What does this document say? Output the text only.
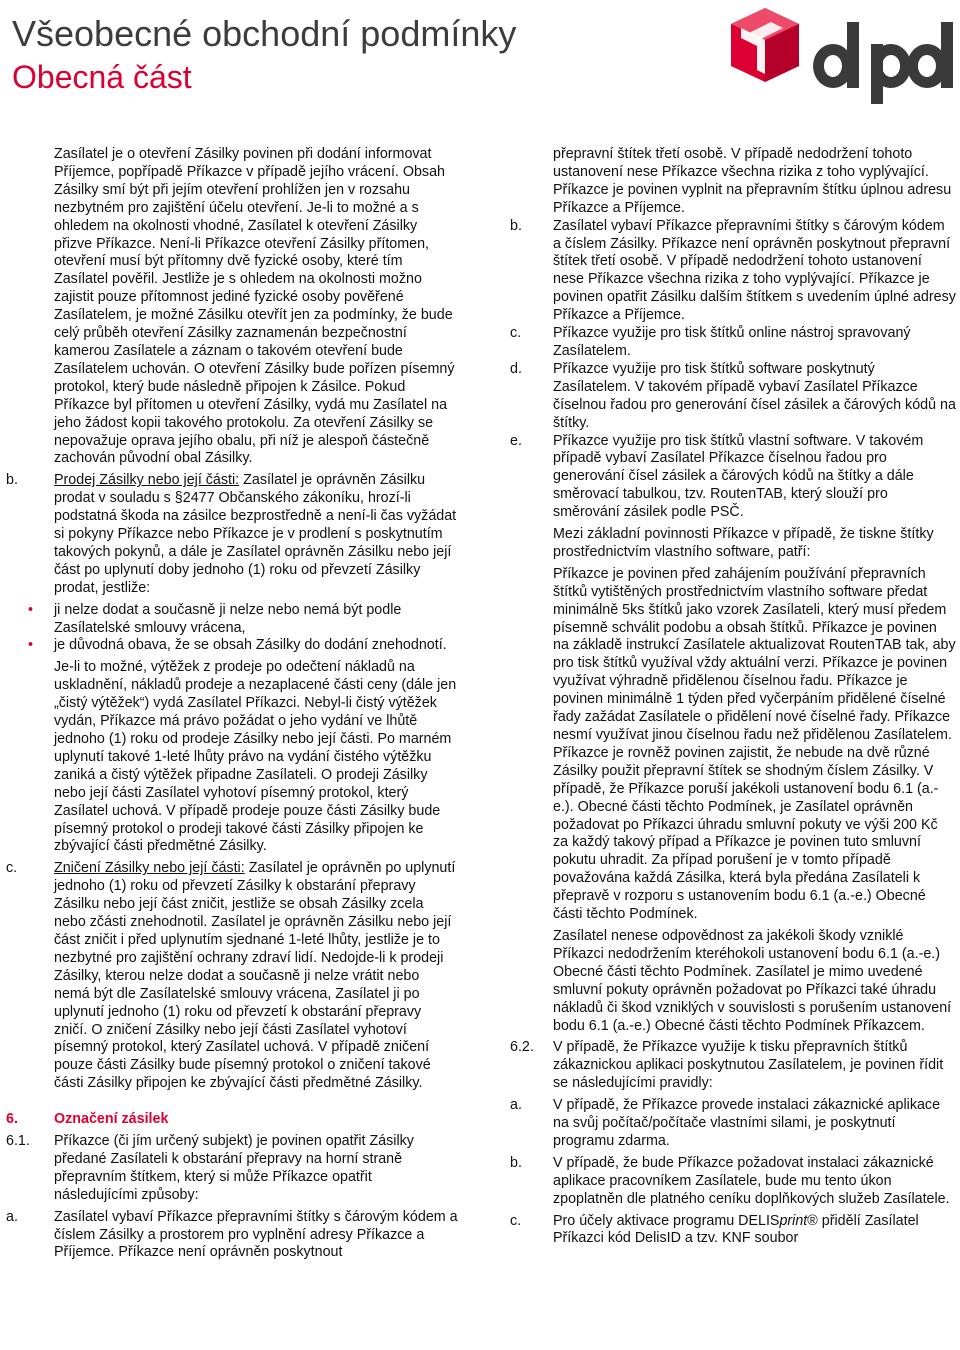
Všeobecné obchodní podmínky
Obecná část

Zasílatel je o otevření Zásilky povinen při dodání informovat Příjemce, popřípadě Příkazce v případě jejího vrácení. Obsah Zásilky smí být při jejím otevření prohlížen jen v rozsahu nezbytném pro zajištění účelu otevření. Je-li to možné a s ohledem na okolnosti vhodné, Zasílatel k otevření Zásilky přizve Příkazce. Není-li Příkazce otevření Zásilky přítomen, otevření musí být přítomny dvě fyzické osoby, které tím Zasílatel pověřil. Jestliže je s ohledem na okolnosti možno zajistit pouze přítomnost jediné fyzické osoby pověřené Zasílatelem, je možné Zásilku otevřít jen za podmínky, že bude celý průběh otevření Zásilky zaznamenán bezpečnostní kamerou Zasílatele a záznam o takovém otevření bude Zasílatelem uchován. O otevření Zásilky bude pořízen písemný protokol, který bude následně připojen k Zásilce. Pokud Příkazce byl přítomen u otevření Zásilky, vydá mu Zasílatel na jeho žádost kopii takového protokolu. Za otevření Zásilky se nepovažuje oprava jejího obalu, při níž je alespoň částečně zachován původní obal Zásilky.

b.	Prodej Zásilky nebo její části: Zasílatel je oprávněn Zásilku prodat v souladu s §2477 Občanského zákoníku, hrozí-li podstatná škoda na zásilce bezprostředně a není-li čas vyžádat si pokyny Příkazce nebo Příkazce je v prodlení s poskytnutím takových pokynů, a dále je Zasílatel oprávněn Zásilku nebo její část po uplynutí doby jednoho (1) roku od převzetí Zásilky prodat, jestliže:
•	ji nelze dodat a současně ji nelze nebo nemá být podle Zasílatelské smlouvy vrácena,
•	je důvodná obava, že se obsah Zásilky do dodání znehodnotí.

Je-li to možné, výtěžek z prodeje po odečtení nákladů na uskladnění, nákladů prodeje a nezaplacené části ceny (dále jen „čistý výtěžek“) vydá Zasílatel Příkazci. Nebyl-li čistý výtěžek vydán, Příkazce má právo požádat o jeho vydání ve lhůtě jednoho (1) roku od prodeje Zásilky nebo její části. Po marném uplynutí takové 1-leté lhůty právo na vydání čistého výtěžku zaniká a čistý výtěžek připadne Zasílateli. O prodeji Zásilky nebo její části Zasílatel vyhotoví písemný protokol, který Zasílatel uchová. V případě prodeje pouze části Zásilky bude písemný protokol o prodeji takové části Zásilky připojen ke zbývající části předmětné Zásilky.

c.	Zničení Zásilky nebo její části: Zasílatel je oprávněn po uplynutí jednoho (1) roku od převzetí Zásilky k obstarání přepravy Zásilku nebo její část zničit, jestliže se obsah Zásilky zcela nebo zčásti znehodnotil. Zasílatel je oprávněn Zásilku nebo její část zničit i před uplynutím sjednané 1-leté lhůty, jestliže je to nezbytné pro zajištění ochrany zdraví lidí. Nedojde-li k prodeji Zásilky, kterou nelze dodat a současně ji nelze vrátit nebo nemá být dle Zasílatelské smlouvy vrácena, Zasílatel ji po uplynutí jednoho (1) roku od převzetí k obstarání přepravy zničí. O zničení Zásilky nebo její části Zasílatel vyhotoví písemný protokol, který Zasílatel uchová. V případě zničení pouze části Zásilky bude písemný protokol o zničení takové části Zásilky připojen ke zbývající části předmětné Zásilky.
6.	Označení zásilek
6.1.	Příkazce (či jím určený subjekt) je povinen opatřit Zásilky předané Zasílateli k obstarání přepravy na horní straně přepravním štítkem, který si může Příkazce opatřit následujícími způsoby:
a.	Zasílatel vybaví Příkazce přepravními štítky s čárovým kódem a číslem Zásilky a prostorem pro vyplnění adresy Příkazce a Příjemce. Příkazce není oprávněn poskytnout

přepravní štítek třetí osobě. V případě nedodržení tohoto ustanovení nese Příkazce všechna rizika z toho vyplývající. Příkazce je povinen vyplnit na přepravním štítku úplnou adresu Příkazce a Příjemce.

b.	Zasílatel vybaví Příkazce přepravními štítky s čárovým kódem a číslem Zásilky. Příkazce není oprávněn poskytnout přepravní štítek třetí osobě. V případě nedodržení tohoto ustanovení nese Příkazce všechna rizika z toho vyplývající. Příkazce je povinen opatřit Zásilku dalším štítkem s uvedením úplné adresy Příkazce a Příjemce.
c.	Příkazce využije pro tisk štítků online nástroj spravovaný Zasílatelem.
d.	Příkazce využije pro tisk štítků software poskytnutý Zasílatelem. V takovém případě vybaví Zasílatel Příkazce číselnou řadou pro generování čísel zásilek a čárových kódů na štítky.
e.	Příkazce využije pro tisk štítků vlastní software. V takovém případě vybaví Zasílatel Příkazce číselnou řadou pro generování čísel zásilek a čárových kódů na štítky a dále směrovací tabulkou, tzv. RoutenTAB, který slouží pro směrování zásilek podle PSČ.

Mezi základní povinnosti Příkazce v případě, že tiskne štítky prostřednictvím vlastního software, patří:

Příkazce je povinen před zahájením používání přepravních štítků vytištěných prostřednictvím vlastního software předat minimálně 5ks štítků jako vzorek Zasílateli, který musí předem písemně schválit podobu a obsah štítků. Příkazce je povinen na základě instrukcí Zasílatele aktualizovat RoutenTAB tak, aby pro tisk štítků využíval vždy aktuální verzi. Příkazce je povinen využívat výhradně přidělenou číselnou řadu. Příkazce je povinen minimálně 1 týden před vyčerpáním přidělené číselné řady zažádat Zasílatele o přidělení nové číselné řady. Příkazce nesmí využívat jinou číselnou řadu než přidělenou Zasílatelem. Příkazce je rovněž povinen zajistit, že nebude na dvě různé Zásilky použit přepravní štítek se shodným číslem Zásilky. V případě, že Příkazce poruší jakékoli ustanovení bodu 6.1 (a.-e.). Obecné části těchto Podmínek, je Zasílatel oprávněn požadovat po Příkazci úhradu smluvní pokuty ve výši 200 Kč za každý takový případ a Příkazce je povinen tuto smluvní pokutu uhradit. Za případ porušení je v tomto případě považována každá Zásilka, která byla předána Zasílateli k přepravě v rozporu s ustanovením bodu 6.1 (a.-e.) Obecné části těchto Podmínek.

Zasílatel nenese odpovědnost za jakékoli škody vzniklé Příkazci nedodržením kteréhokoli ustanovení bodu 6.1 (a.-e.) Obecné části těchto Podmínek. Zasílatel je mimo uvedené smluvní pokuty oprávněn požadovat po Příkazci také úhradu nákladů či škod vzniklých v souvislosti s porušením ustanovení bodu 6.1 (a.-e.) Obecné části těchto Podmínek Příkazcem.

6.2.	V případě, že Příkazce využije k tisku přepravních štítků zákaznickou aplikaci poskytnutou Zasílatelem, je povinen řídit se následujícími pravidly:
a.	V případě, že Příkazce provede instalaci zákaznické aplikace na svůj počítač/počítače vlastními silami, je poskytnutí programu zdarma.
b.	V případě, že bude Příkazce požadovat instalaci zákaznické aplikace pracovníkem Zasílatele, bude mu tento úkon zpoplatněn dle platného ceníku doplňkových služeb Zasílatele.
c.	Pro účely aktivace programu DELISprint® přidělí Zasílatel Příkazci kód DelisID a tzv. KNF soubor
